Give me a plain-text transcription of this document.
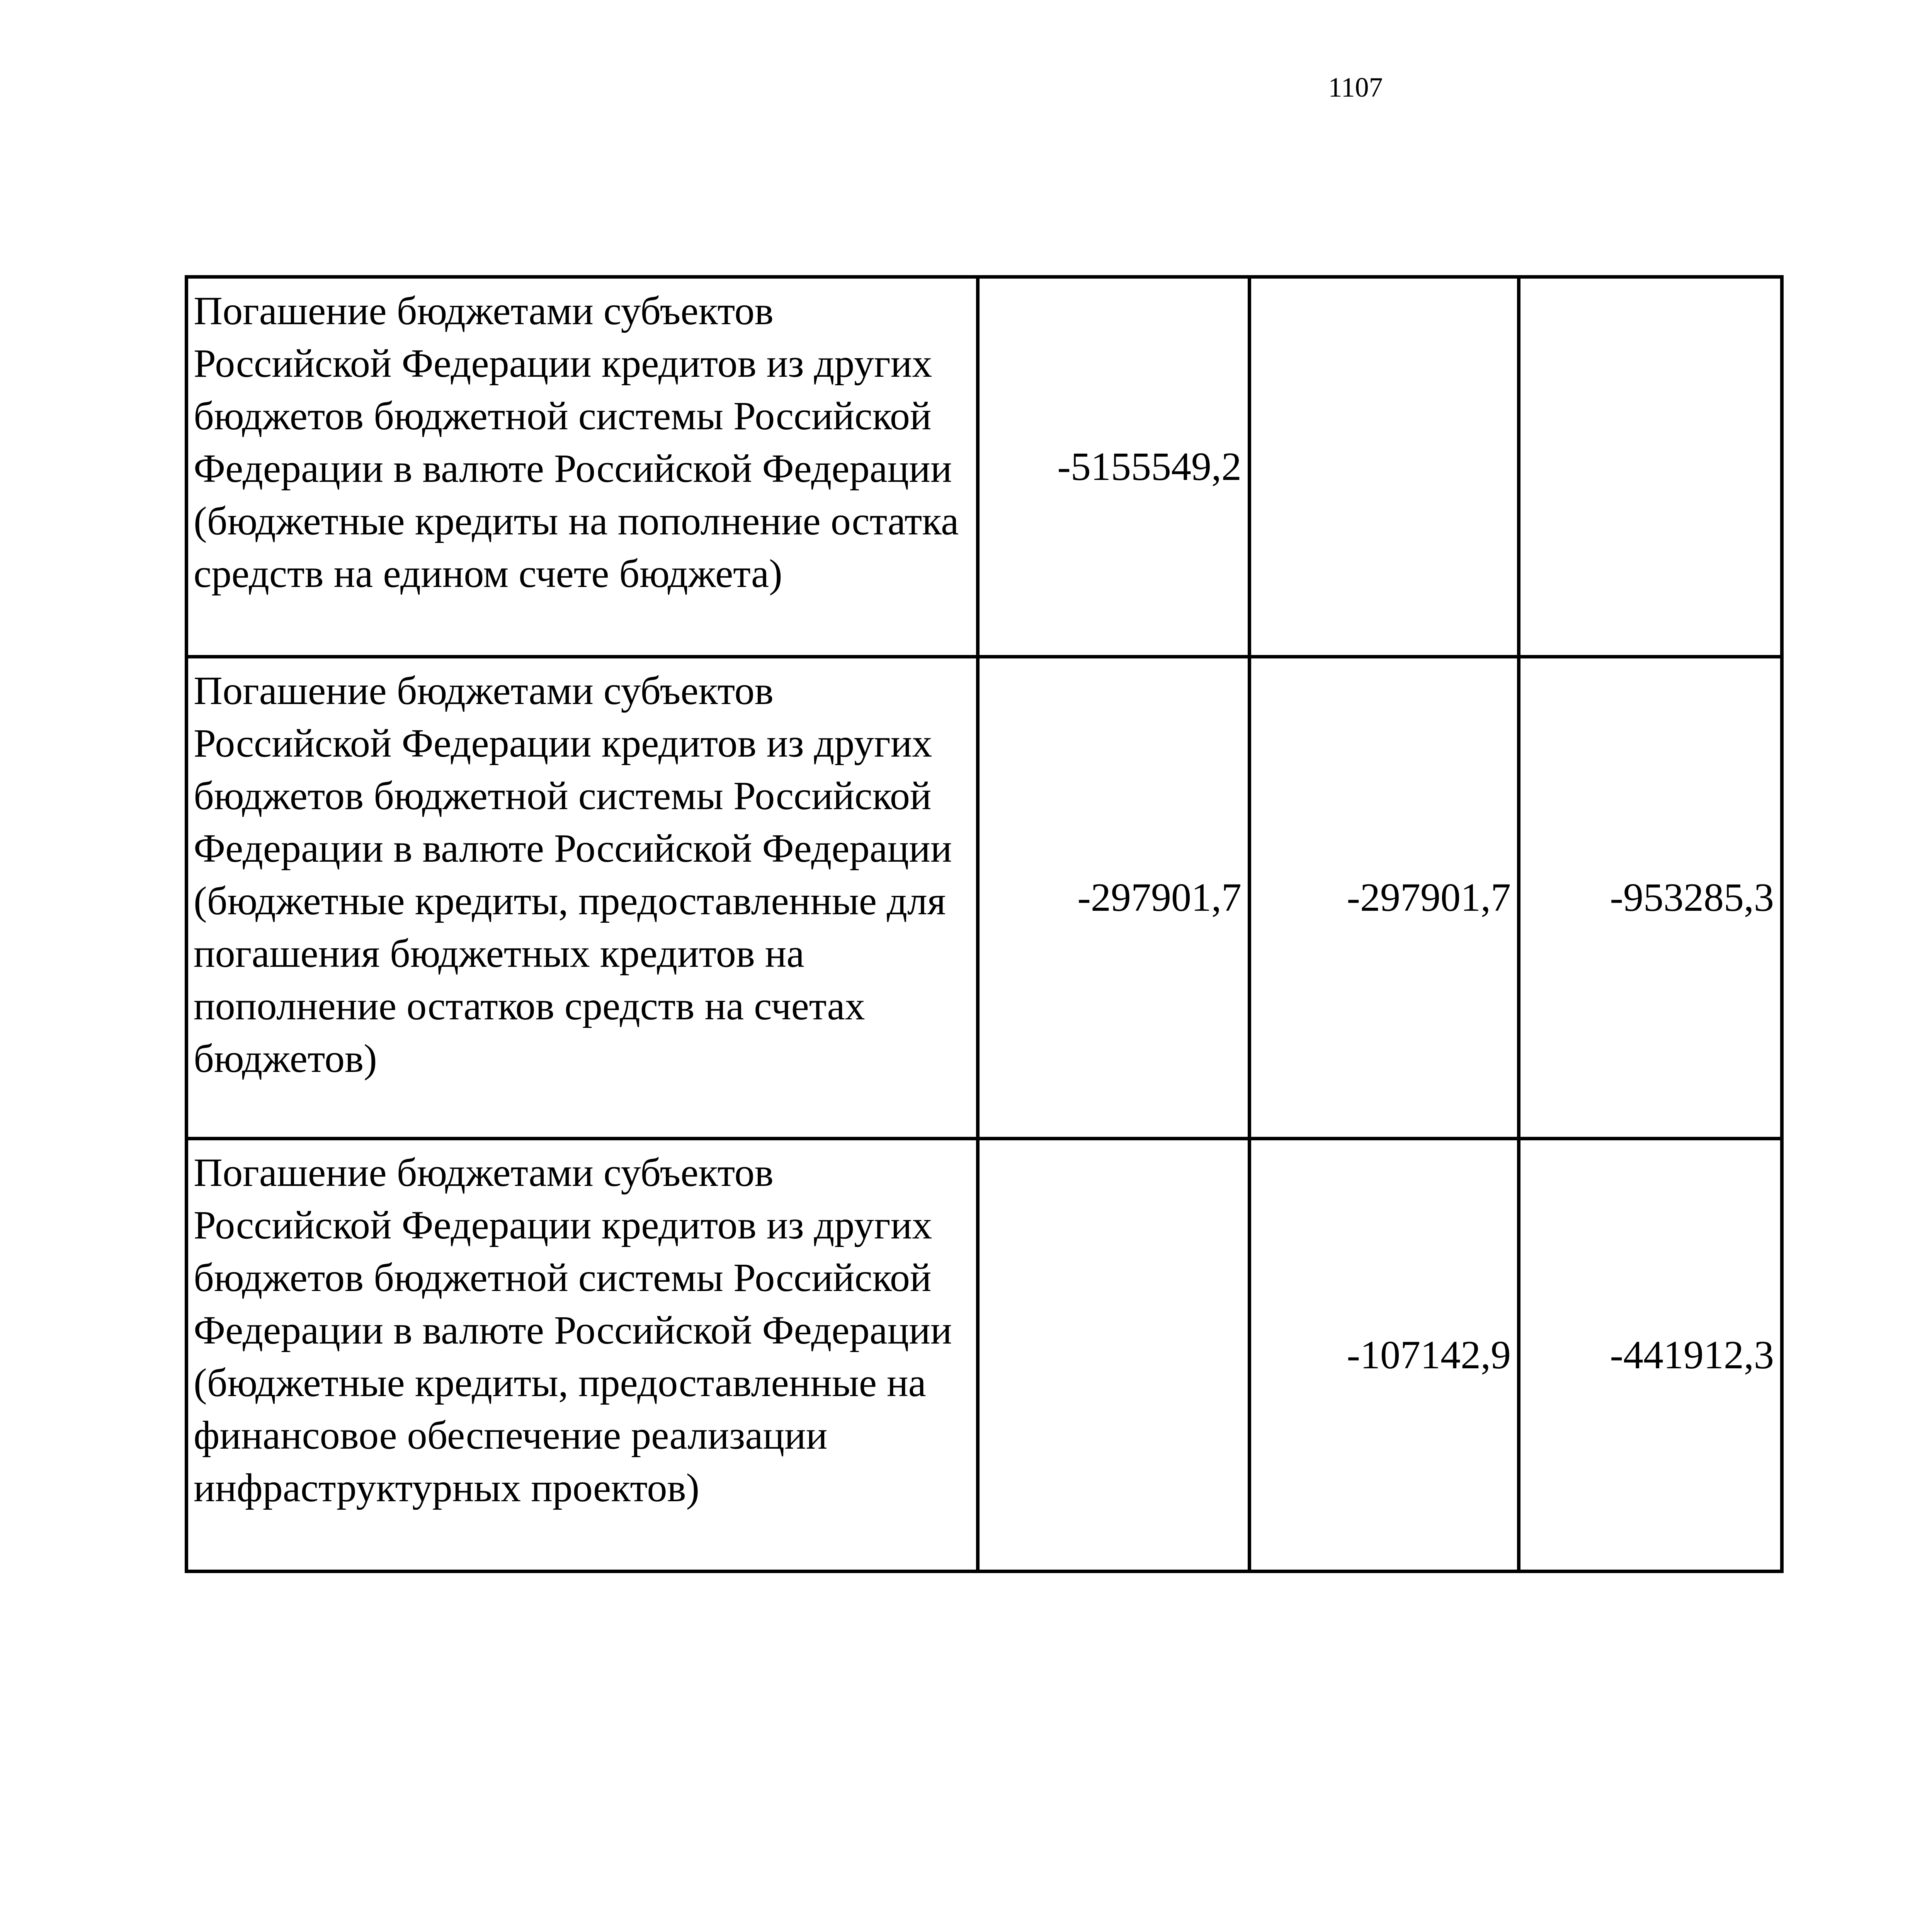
1107
Погашение бюджетами субъектов Российской Федерации кредитов из других бюджетов бюджетной системы Российской Федерации в валюте Российской Федерации (бюджетные кредиты на пополнение остатка средств на едином счете бюджета)	-5155549,2		
Погашение бюджетами субъектов Российской Федерации кредитов из других бюджетов бюджетной системы Российской Федерации в валюте Российской Федерации (бюджетные кредиты, предоставленные для погашения бюджетных кредитов на пополнение остатков средств на счетах бюджетов)	-297901,7	-297901,7	-953285,3
Погашение бюджетами субъектов Российской Федерации кредитов из других бюджетов бюджетной системы Российской Федерации в валюте Российской Федерации (бюджетные кредиты, предоставленные на финансовое обеспечение реализации инфраструктурных проектов)		-107142,9	-441912,3
